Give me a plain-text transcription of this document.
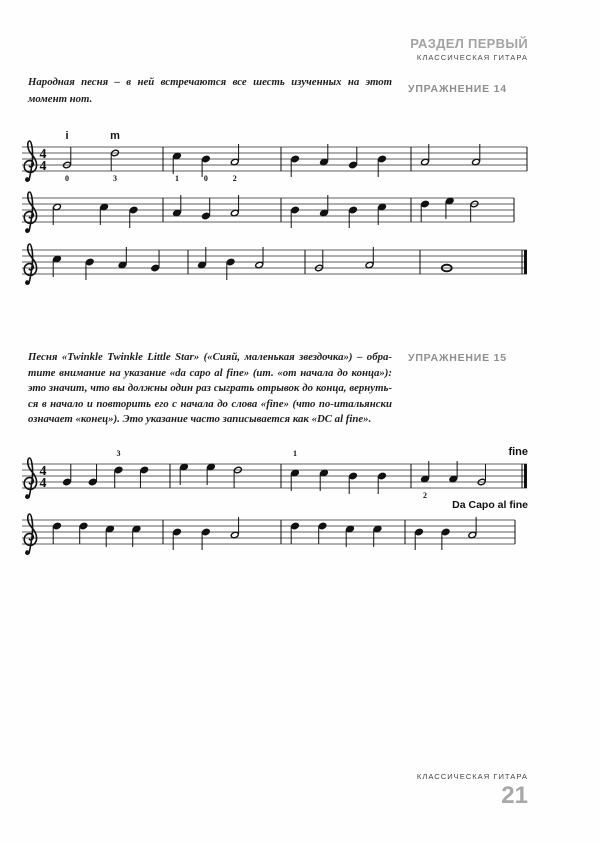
РАЗДЕЛ ПЕРВЫЙ
КЛАССИЧЕСКАЯ ГИТАРА
Народная песня – в ней встречаются все шесть изученных на этот
момент нот.
УПРАЖНЕНИЕ 14
Песня «Twinkle Twinkle Little Star» («Сияй, маленькая звездочка») – обра-
тите внимание на указание «da capo al fine» (ит. «от начала до конца»):
это значит, что вы должны один раз сыграть отрывок до конца, вернуть-
ся в начало и повторить его с начала до слова «fine» (что по-итальянски
означает «конец»). Это указание часто записывается как «DC al fine».
УПРАЖНЕНИЕ 15
4
4
i
0
m
3	1	0	2
4
4
3	1
2
fine
Da Capo al fine
КЛАССИЧЕСКАЯ ГИТАРА
21
